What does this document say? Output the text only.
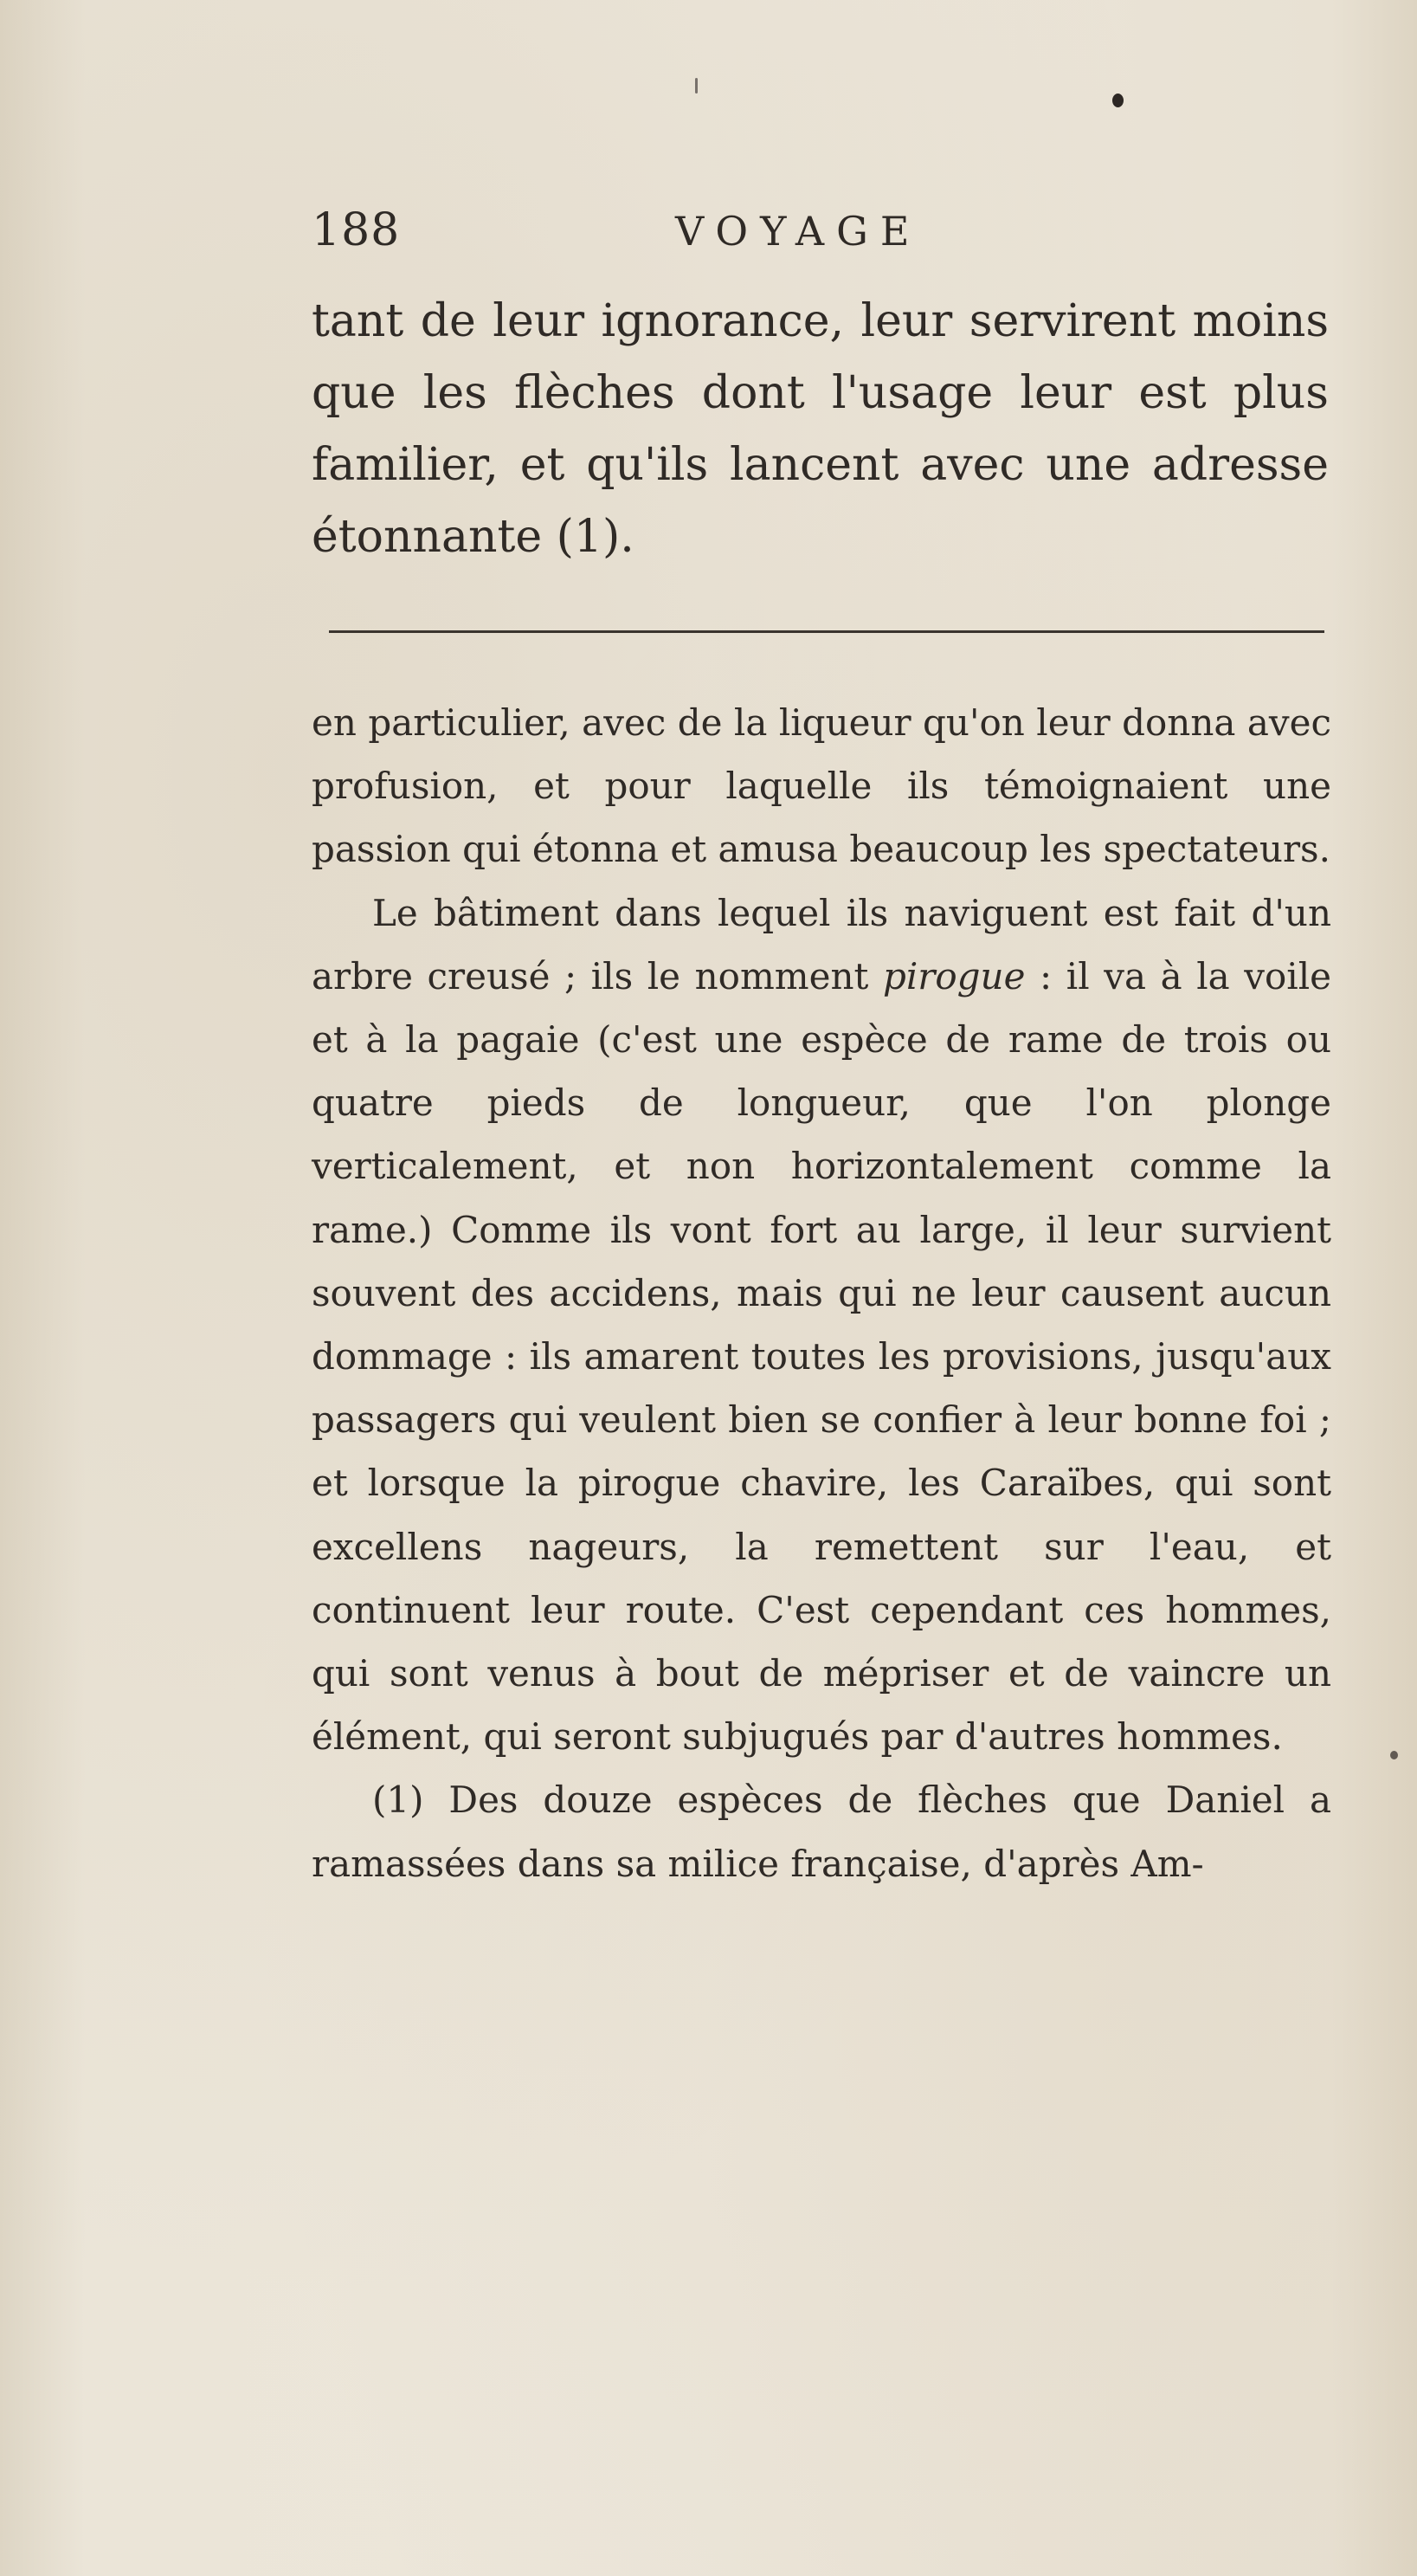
188	VOYAGE

tant de leur ignorance, leur servirent moins que les flèches dont l'usage leur est plus familier, et qu'ils lancent avec une adresse étonnante (1).

en particulier, avec de la liqueur qu'on leur donna avec profusion, et pour laquelle ils témoignaient une passion qui étonna et amusa beaucoup les spectateurs.

Le bâtiment dans lequel ils naviguent est fait d'un arbre creusé ; ils le nomment pirogue : il va à la voile et à la pagaie (c'est une espèce de rame de trois ou quatre pieds de longueur, que l'on plonge verticalement, et non horizontalement comme la rame.) Comme ils vont fort au large, il leur survient souvent des accidens, mais qui ne leur causent aucun dommage : ils amarent toutes les provisions, jusqu'aux passagers qui veulent bien se confier à leur bonne foi ; et lorsque la pirogue chavire, les Caraïbes, qui sont excellens nageurs, la remettent sur l'eau, et continuent leur route. C'est cependant ces hommes, qui sont venus à bout de mépriser et de vaincre un élément, qui seront subjugués par d'autres hommes.

(1) Des douze espèces de flèches que Daniel a ramassées dans sa milice française, d'après Am-
